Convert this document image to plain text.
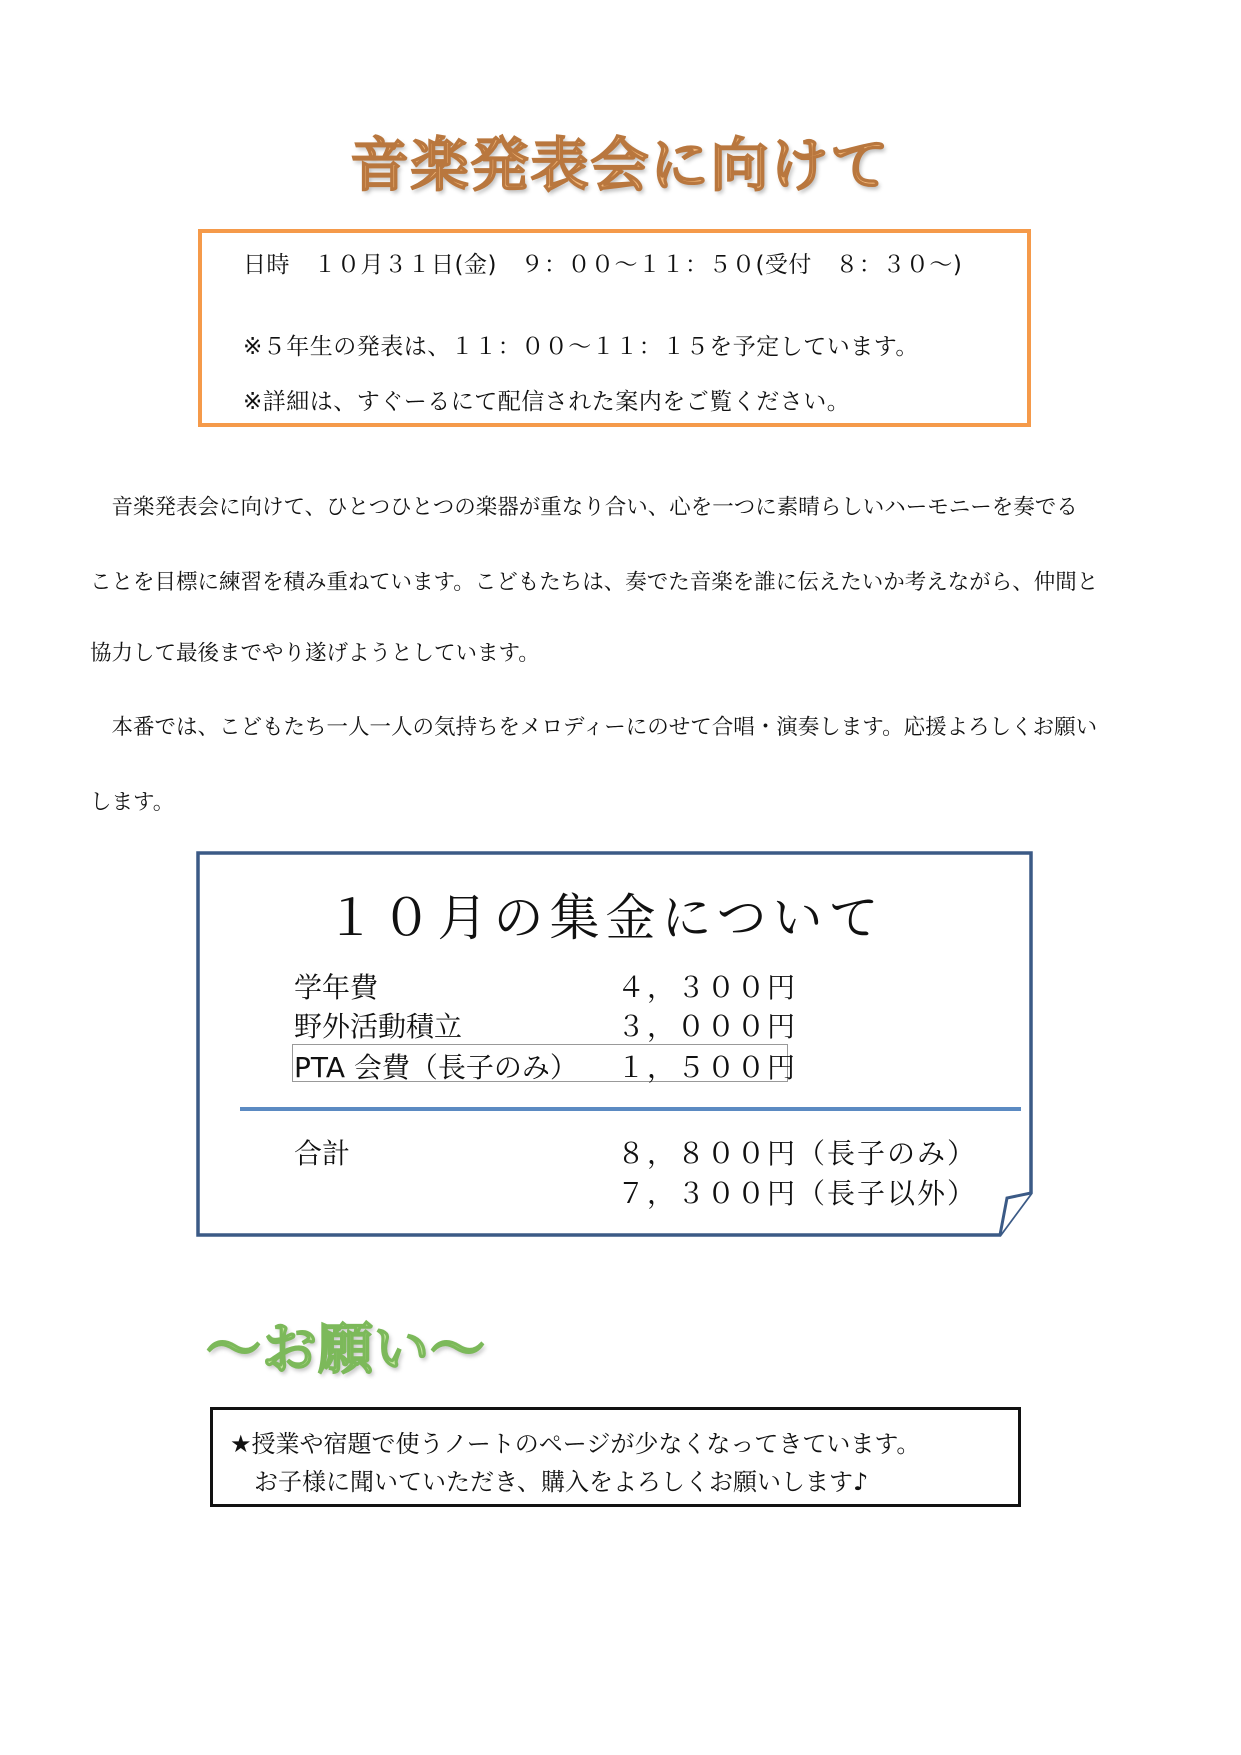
音楽発表会に向けて
日時　１０月３１日(金)　９：００～１１：５０(受付　８：３０～)
※５年生の発表は、１１：００～１１：１５を予定しています。
※詳細は、すぐーるにて配信された案内をご覧ください。
　音楽発表会に向けて、ひとつひとつの楽器が重なり合い、心を一つに素晴らしいハーモニーを奏でる
ことを目標に練習を積み重ねています。こどもたちは、奏でた音楽を誰に伝えたいか考えながら、仲間と
協力して最後までやり遂げようとしています。
　本番では、こどもたち一人一人の気持ちをメロディーにのせて合唱・演奏します。応援よろしくお願い
します。
１０月の集金について
学年費	４，３００円
野外活動積立	３，０００円
PTA 会費（長子のみ） １，５００円
合計	８，８００円（長子のみ）
７，３００円（長子以外）
～お願い～
★授業や宿題で使うノートのページが少なくなってきています。
　お子様に聞いていただき、購入をよろしくお願いします♪
